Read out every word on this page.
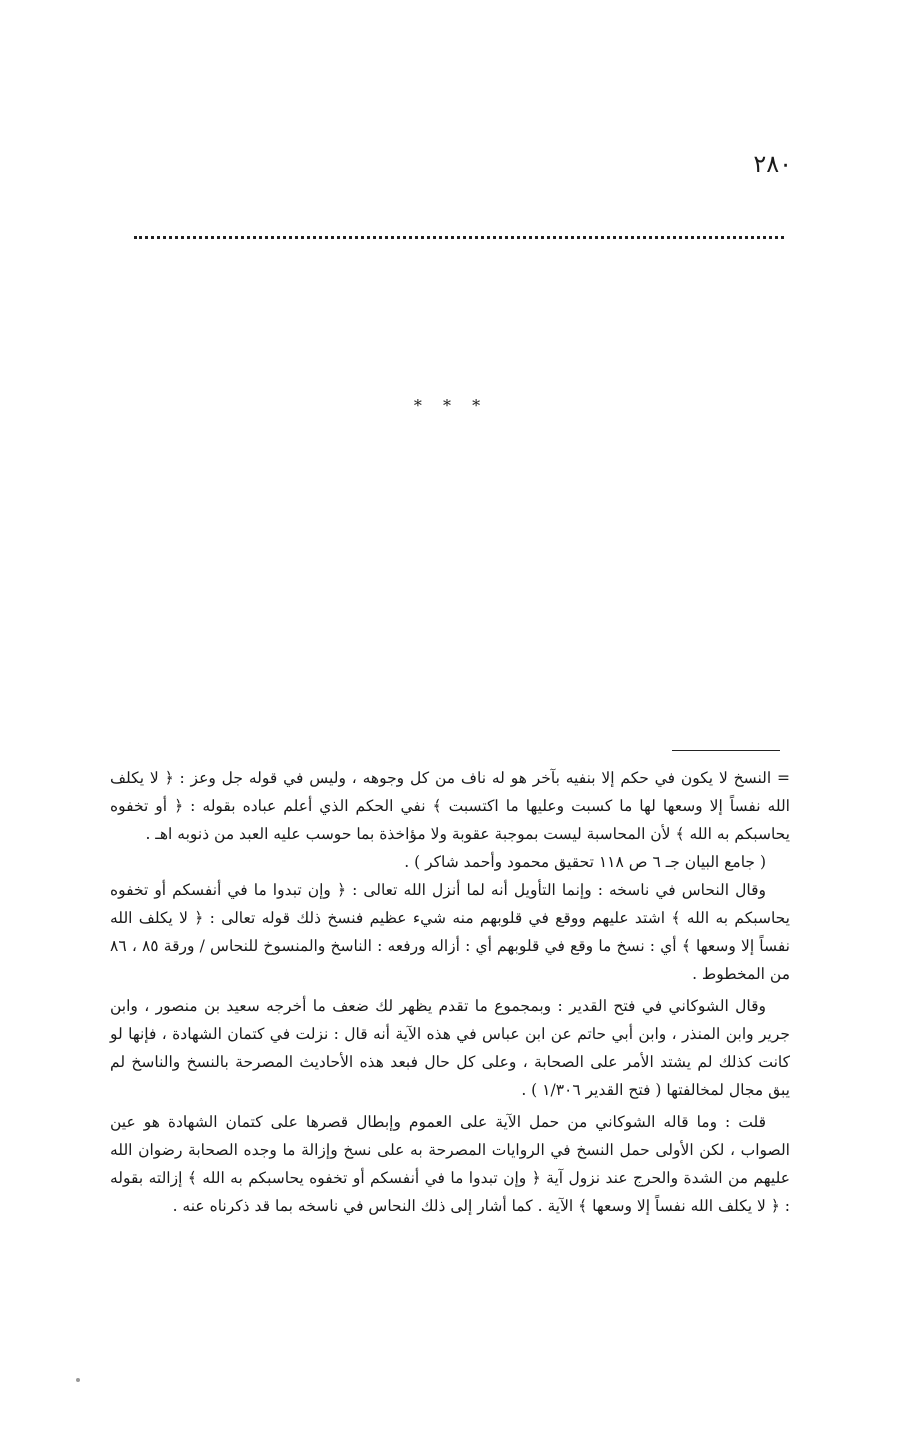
٢٨٠
* * *

= النسخ لا يكون في حكم إلا بنفيه بآخر هو له ناف من كل وجوهه ، وليس في قوله جل وعز : ﴿ لا يكلف الله نفساً إلا وسعها لها ما كسبت وعليها ما اكتسبت ﴾ نفي الحكم الذي أعلم عباده بقوله : ﴿ أو تخفوه يحاسبكم به الله ﴾ لأن المحاسبة ليست بموجبة عقوبة ولا مؤاخذة بما حوسب عليه العبد من ذنوبه اهـ .

( جامع البيان جـ ٦ ص ١١٨ تحقيق محمود وأحمد شاكر ) .

وقال النحاس في ناسخه : وإنما التأويل أنه لما أنزل الله تعالى : ﴿ وإن تبدوا ما في أنفسكم أو تخفوه يحاسبكم به الله ﴾ اشتد عليهم ووقع في قلوبهم منه شيء عظيم فنسخ ذلك قوله تعالى : ﴿ لا يكلف الله نفساً إلا وسعها ﴾ أي : نسخ ما وقع في قلوبهم أي : أزاله ورفعه : الناسخ والمنسوخ للنحاس / ورقة ٨٥ ، ٨٦ من المخطوط .

وقال الشوكاني في فتح القدير : وبمجموع ما تقدم يظهر لك ضعف ما أخرجه سعيد بن منصور ، وابن جرير وابن المنذر ، وابن أبي حاتم عن ابن عباس في هذه الآية أنه قال : نزلت في كتمان الشهادة ، فإنها لو كانت كذلك لم يشتد الأمر على الصحابة ، وعلى كل حال فبعد هذه الأحاديث المصرحة بالنسخ والناسخ لم يبق مجال لمخالفتها ( فتح القدير ١/٣٠٦ ) .

قلت : وما قاله الشوكاني من حمل الآية على العموم وإبطال قصرها على كتمان الشهادة هو عين الصواب ، لكن الأولى حمل النسخ في الروايات المصرحة به على نسخ وإزالة ما وجده الصحابة رضوان الله عليهم من الشدة والحرج عند نزول آية ﴿ وإن تبدوا ما في أنفسكم أو تخفوه يحاسبكم به الله ﴾ إزالته بقوله : ﴿ لا يكلف الله نفساً إلا وسعها ﴾ الآية . كما أشار إلى ذلك النحاس في ناسخه بما قد ذكرناه عنه .
